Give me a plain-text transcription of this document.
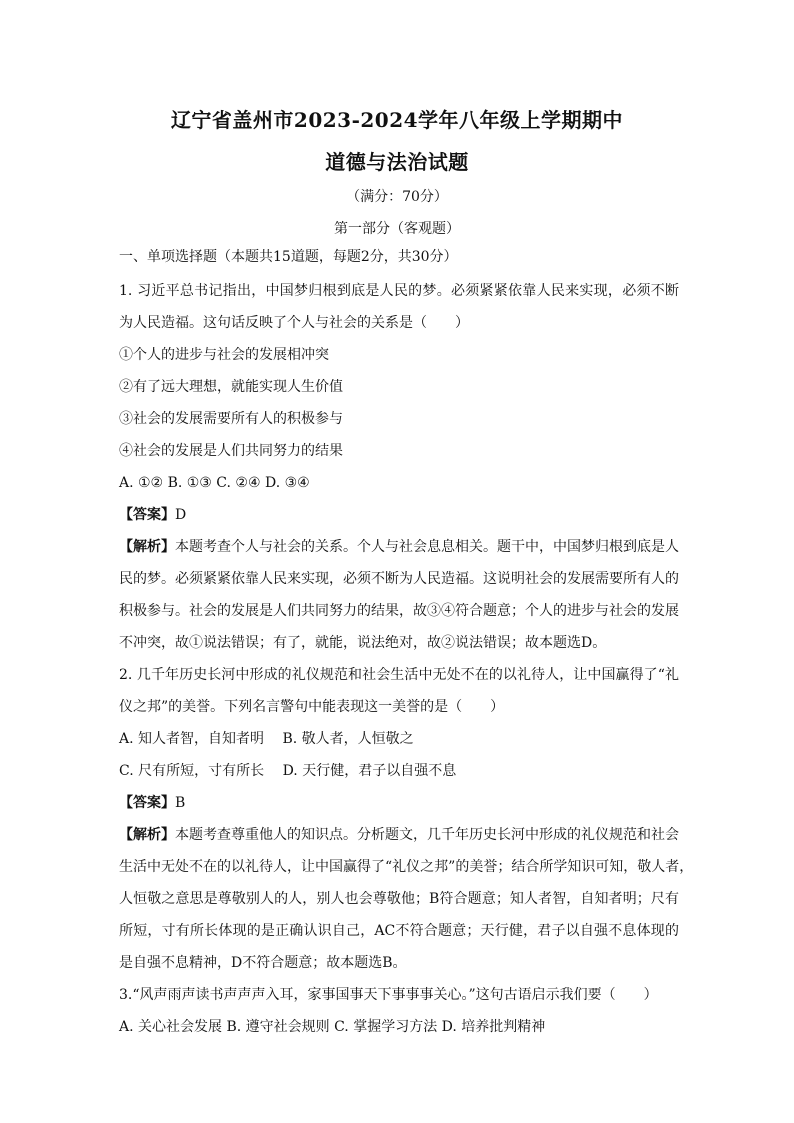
辽宁省盖州市2023-2024学年八年级上学期期中
道德与法治试题
（满分：70分）
第一部分（客观题）
一、单项选择题（本题共15道题，每题2分，共30分）
1. 习近平总书记指出，中国梦归根到底是人民的梦。必须紧紧依靠人民来实现，必须不断
为人民造福。这句话反映了个人与社会的关系是（　　）
①个人的进步与社会的发展相冲突
②有了远大理想，就能实现人生价值
③社会的发展需要所有人的积极参与
④社会的发展是人们共同努力的结果
A. ①② B. ①③ C. ②④ D. ③④
【答案】D
【解析】本题考查个人与社会的关系。个人与社会息息相关。题干中，中国梦归根到底是人
民的梦。必须紧紧依靠人民来实现，必须不断为人民造福。这说明社会的发展需要所有人的
积极参与。社会的发展是人们共同努力的结果，故③④符合题意；个人的进步与社会的发展
不冲突，故①说法错误；有了，就能，说法绝对，故②说法错误；故本题选D。
2. 几千年历史长河中形成的礼仪规范和社会生活中无处不在的以礼待人，让中国赢得了“礼
仪之邦”的美誉。下列名言警句中能表现这一美誉的是（　　）
A. 知人者智，自知者明　 B. 敬人者，人恒敬之
C. 尺有所短，寸有所长　 D. 天行健，君子以自强不息
【答案】B
【解析】本题考查尊重他人的知识点。分析题文，几千年历史长河中形成的礼仪规范和社会
生活中无处不在的以礼待人，让中国赢得了“礼仪之邦”的美誉；结合所学知识可知，敬人者，
人恒敬之意思是尊敬别人的人，别人也会尊敬他；B符合题意；知人者智，自知者明；尺有
所短，寸有所长体现的是正确认识自己，AC不符合题意；天行健，君子以自强不息体现的
是自强不息精神，D不符合题意；故本题选B。
3.“风声雨声读书声声声入耳，家事国事天下事事事关心。”这句古语启示我们要（　　）
A. 关心社会发展 B. 遵守社会规则 C. 掌握学习方法 D. 培养批判精神
